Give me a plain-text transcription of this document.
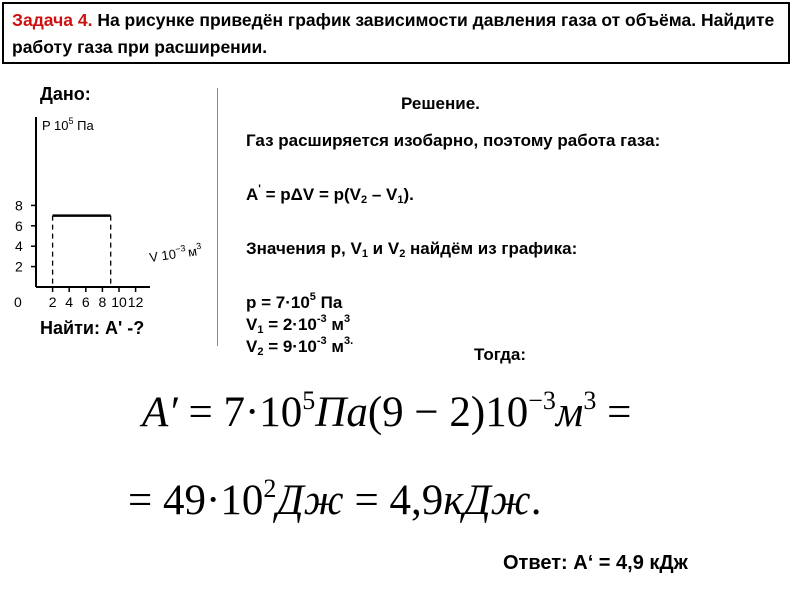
Задача 4. На рисунке приведён график зависимости давления газа от объёма. Найдите работу газа при расширении.
Дано:
P $10^5$ Па
V $10^{-3}м^3$
8
6
4
2
0 2 4 6 8 10 12
Найти: A' -?
Решение.
Газ расширяется изобарно, поэтому работа газа:
$A' = p\Delta V = p(V_2 - V_1)$.
Значения p, $V_1$ и $V_2$ найдём из графика:
$p = 7\cdot 10^5$ Па
$V_1 = 2\cdot 10^{-3}$ $м^3$
$V_2 = 9\cdot 10^{-3}$ $м^{3.}$
Тогда:
$A' = 7\cdot 10^5Па(9 - 2)10^{-3}м^3$ =
= $49\cdot 10^2Дж = 4,9кДж$.
Ответ: A‘ = 4,9 кДж
